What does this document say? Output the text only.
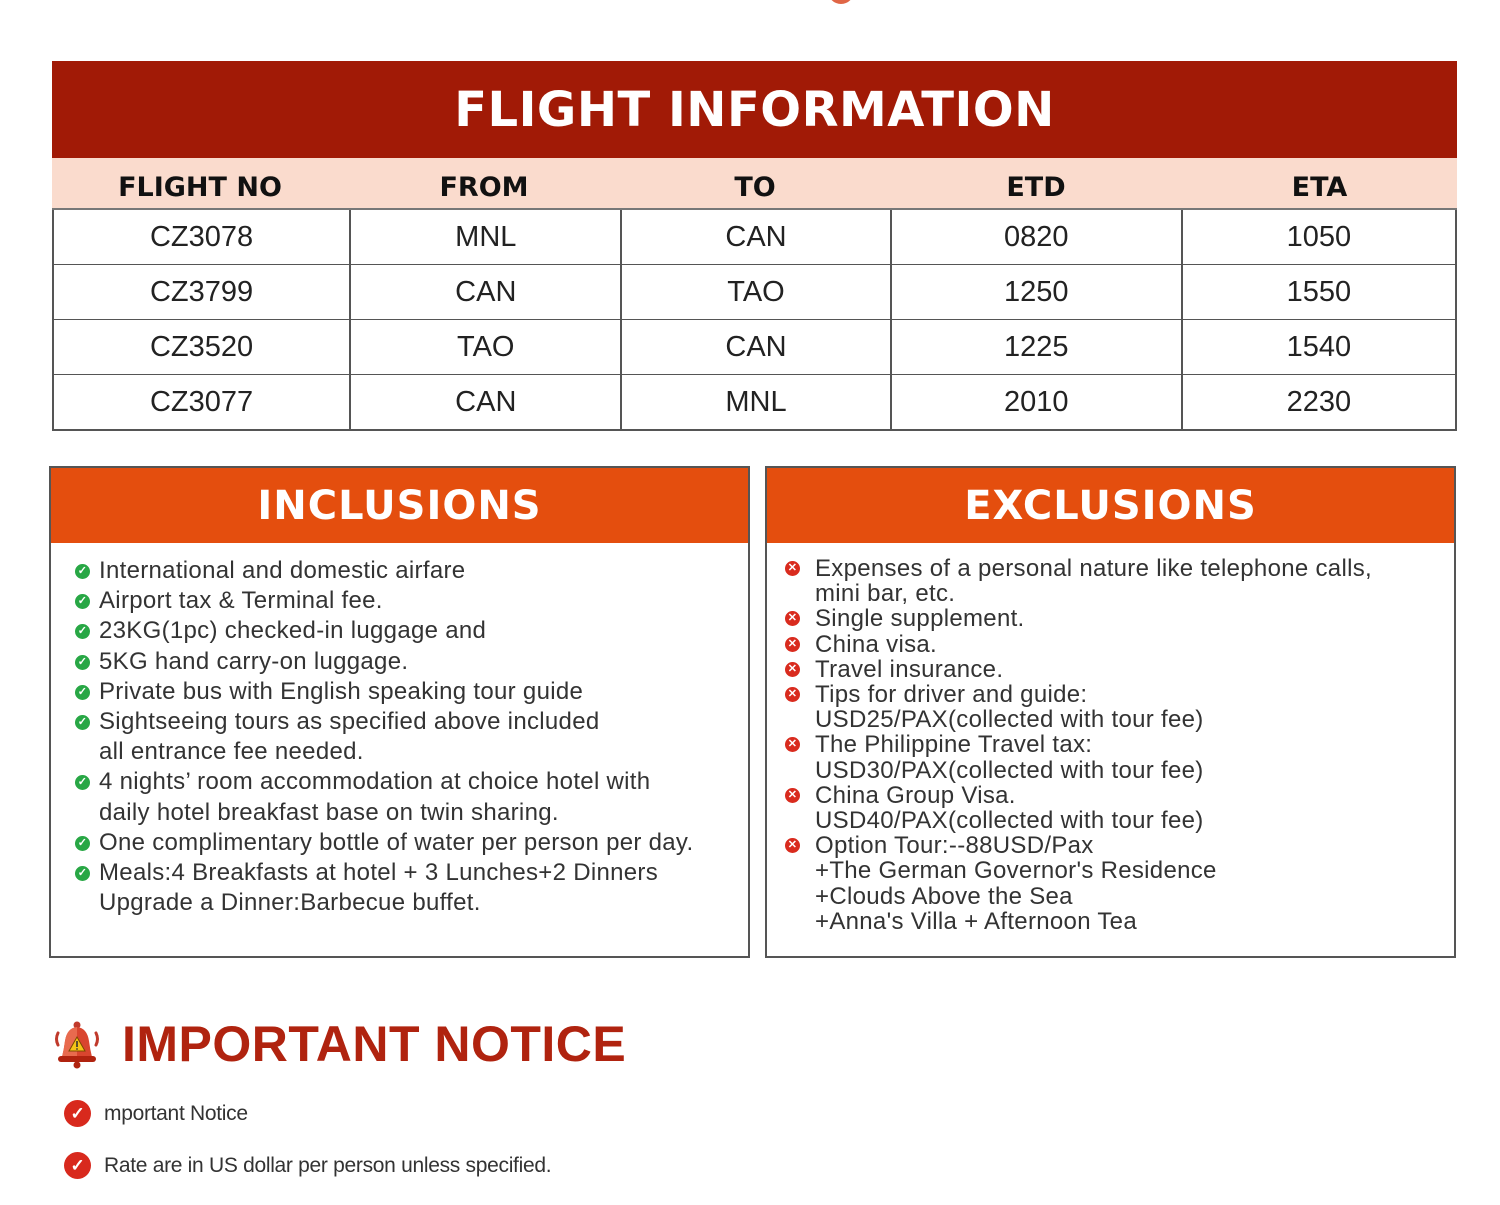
FLIGHT INFORMATION
FLIGHT NO	FROM	TO	ETD	ETA
CZ3078	MNL	CAN	0820	1050
CZ3799	CAN	TAO	1250	1550
CZ3520	TAO	CAN	1225	1540
CZ3077	CAN	MNL	2010	2230
INCLUSIONS
✓ International and domestic airfare
✓ Airport tax & Terminal fee.
✓ 23KG(1pc) checked-in luggage and
✓ 5KG hand carry-on luggage.
✓ Private bus with English speaking tour guide
✓ Sightseeing tours as specified above included
all entrance fee needed.
✓ 4 nights’ room accommodation at choice hotel with
daily hotel breakfast base on twin sharing.
✓ One complimentary bottle of water per person per day.
✓ Meals:4 Breakfasts at hotel + 3 Lunches+2 Dinners
Upgrade a Dinner:Barbecue buffet.
EXCLUSIONS
✕ Expenses of a personal nature like telephone calls,
mini bar, etc.
✕ Single supplement.
✕ China visa.
✕ Travel insurance.
✕ Tips for driver and guide:
USD25/PAX(collected with tour fee)
✕ The Philippine Travel tax:
USD30/PAX(collected with tour fee)
✕ China Group Visa.
USD40/PAX(collected with tour fee)
✕ Option Tour:--88USD/Pax
+The German Governor's Residence
+Clouds Above the Sea
+Anna's Villa + Afternoon Tea
IMPORTANT NOTICE
✓ mportant Notice
✓ Rate are in US dollar per person unless specified.
